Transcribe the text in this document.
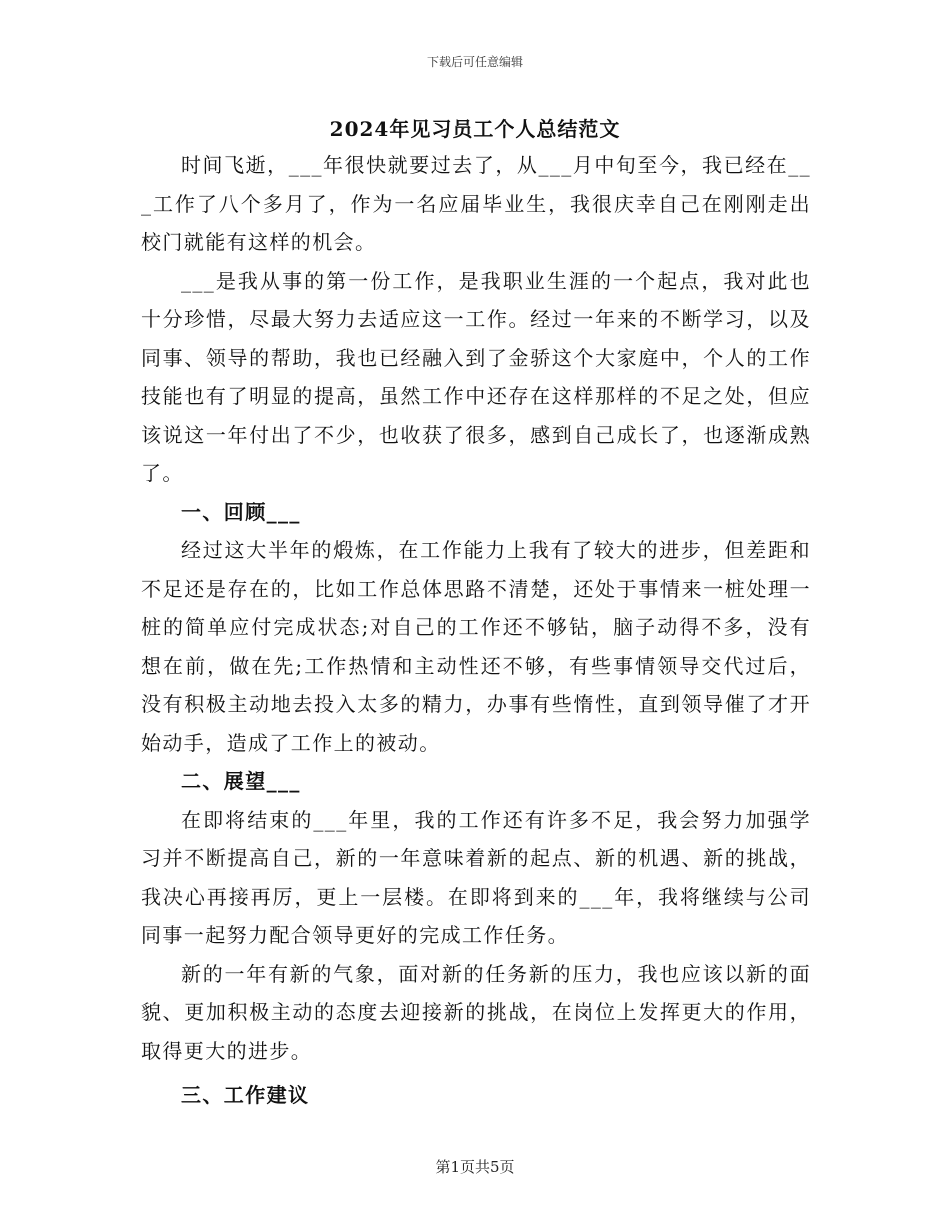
下载后可任意编辑
2024年见习员工个人总结范文

时间飞逝，___年很快就要过去了，从___月中旬至今，我已经在___工作了八个多月了，作为一名应届毕业生，我很庆幸自己在刚刚走出校门就能有这样的机会。

___是我从事的第一份工作，是我职业生涯的一个起点，我对此也十分珍惜，尽最大努力去适应这一工作。经过一年来的不断学习，以及同事、领导的帮助，我也已经融入到了金骄这个大家庭中，个人的工作技能也有了明显的提高，虽然工作中还存在这样那样的不足之处，但应该说这一年付出了不少，也收获了很多，感到自己成长了，也逐渐成熟了。

一、回顾___

经过这大半年的煅炼，在工作能力上我有了较大的进步，但差距和不足还是存在的，比如工作总体思路不清楚，还处于事情来一桩处理一桩的简单应付完成状态;对自己的工作还不够钻，脑子动得不多，没有想在前，做在先;工作热情和主动性还不够，有些事情领导交代过后，没有积极主动地去投入太多的精力，办事有些惰性，直到领导催了才开始动手，造成了工作上的被动。

二、展望___

在即将结束的___年里，我的工作还有许多不足，我会努力加强学习并不断提高自己，新的一年意味着新的起点、新的机遇、新的挑战，我决心再接再厉，更上一层楼。在即将到来的___年，我将继续与公司同事一起努力配合领导更好的完成工作任务。

新的一年有新的气象，面对新的任务新的压力，我也应该以新的面貌、更加积极主动的态度去迎接新的挑战，在岗位上发挥更大的作用，取得更大的进步。

三、工作建议

第1页共5页
